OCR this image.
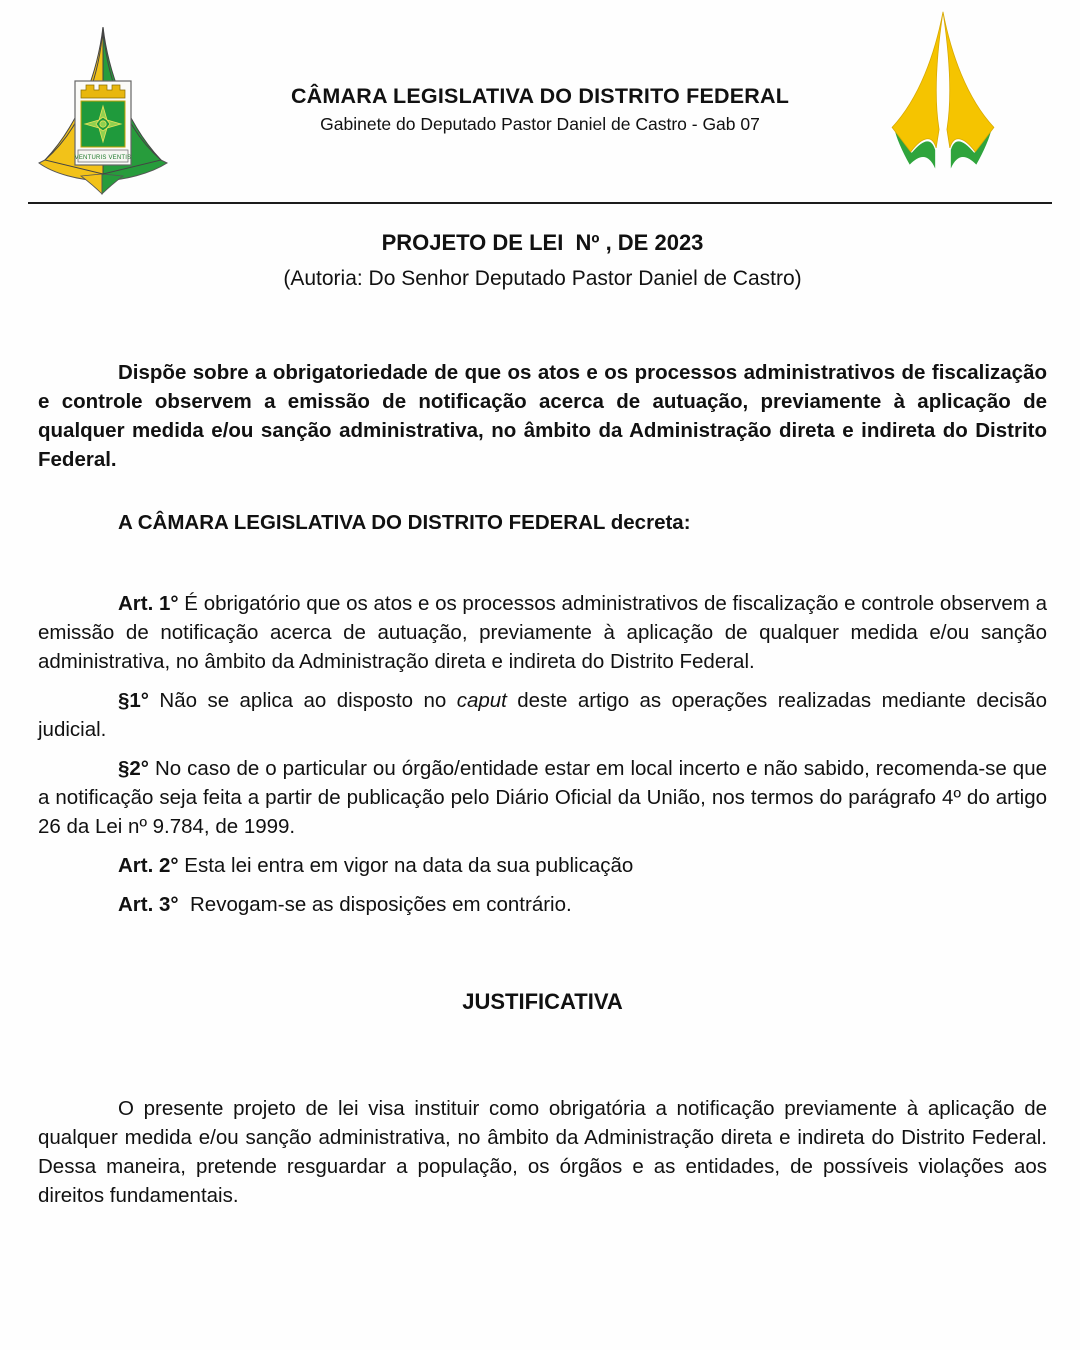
VENTURIS VENTIS
CÂMARA LEGISLATIVA DO DISTRITO FEDERAL
Gabinete do Deputado Pastor Daniel de Castro - Gab 07
PROJETO DE LEI  Nº , DE 2023
(Autoria: Do Senhor Deputado Pastor Daniel de Castro)

Dispõe sobre a obrigatoriedade de que os atos e os processos administrativos de fiscalização e controle observem a emissão de notificação acerca de autuação, previamente à aplicação de qualquer medida e/ou sanção administrativa, no âmbito da Administração direta e indireta do Distrito Federal.

A CÂMARA LEGISLATIVA DO DISTRITO FEDERAL decreta:

Art. 1° É obrigatório que os atos e os processos administrativos de fiscalização e controle observem a emissão de notificação acerca de autuação, previamente à aplicação de qualquer medida e/ou sanção administrativa, no âmbito da Administração direta e indireta do Distrito Federal.

§1° Não se aplica ao disposto no caput deste artigo as operações realizadas mediante decisão judicial.

§2° No caso de o particular ou órgão/entidade estar em local incerto e não sabido, recomenda-se que a notificação seja feita a partir de publicação pelo Diário Oficial da União, nos termos do parágrafo 4º do artigo 26 da Lei nº 9.784, de 1999.

Art. 2° Esta lei entra em vigor na data da sua publicação

Art. 3°  Revogam-se as disposições em contrário.

JUSTIFICATIVA

O presente projeto de lei visa instituir como obrigatória a notificação previamente à aplicação de qualquer medida e/ou sanção administrativa, no âmbito da Administração direta e indireta do Distrito Federal. Dessa maneira, pretende resguardar a população, os órgãos e as entidades, de possíveis violações aos direitos fundamentais.
